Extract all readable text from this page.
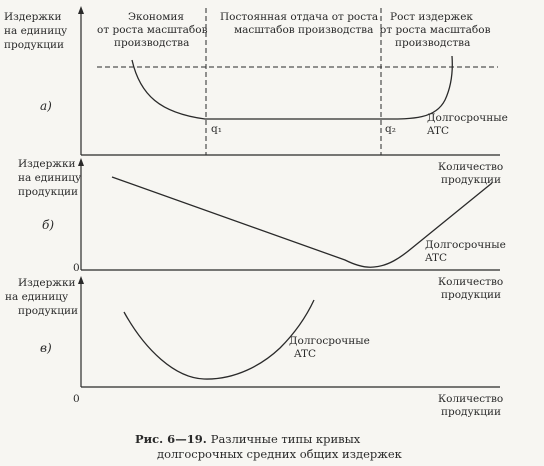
Издержки
на единицу
продукции
Экономия
от роста масштабов
производства
Постоянная отдача от роста
масштабов производства
Рост издержек
от роста масштабов
производства
q₁	q₂
Долгосрочные
ATC
а)
Издержки
на единицу
продукции
0
Количество
продукции
Долгосрочные
ATC
б)
Количество
продукции
Издержки
на единицу
продукции
0
Долгосрочные
ATC
Количество
продукции
в)
Рис. 6—19. Различные типы кривых
долгосрочных средних общих издержек
